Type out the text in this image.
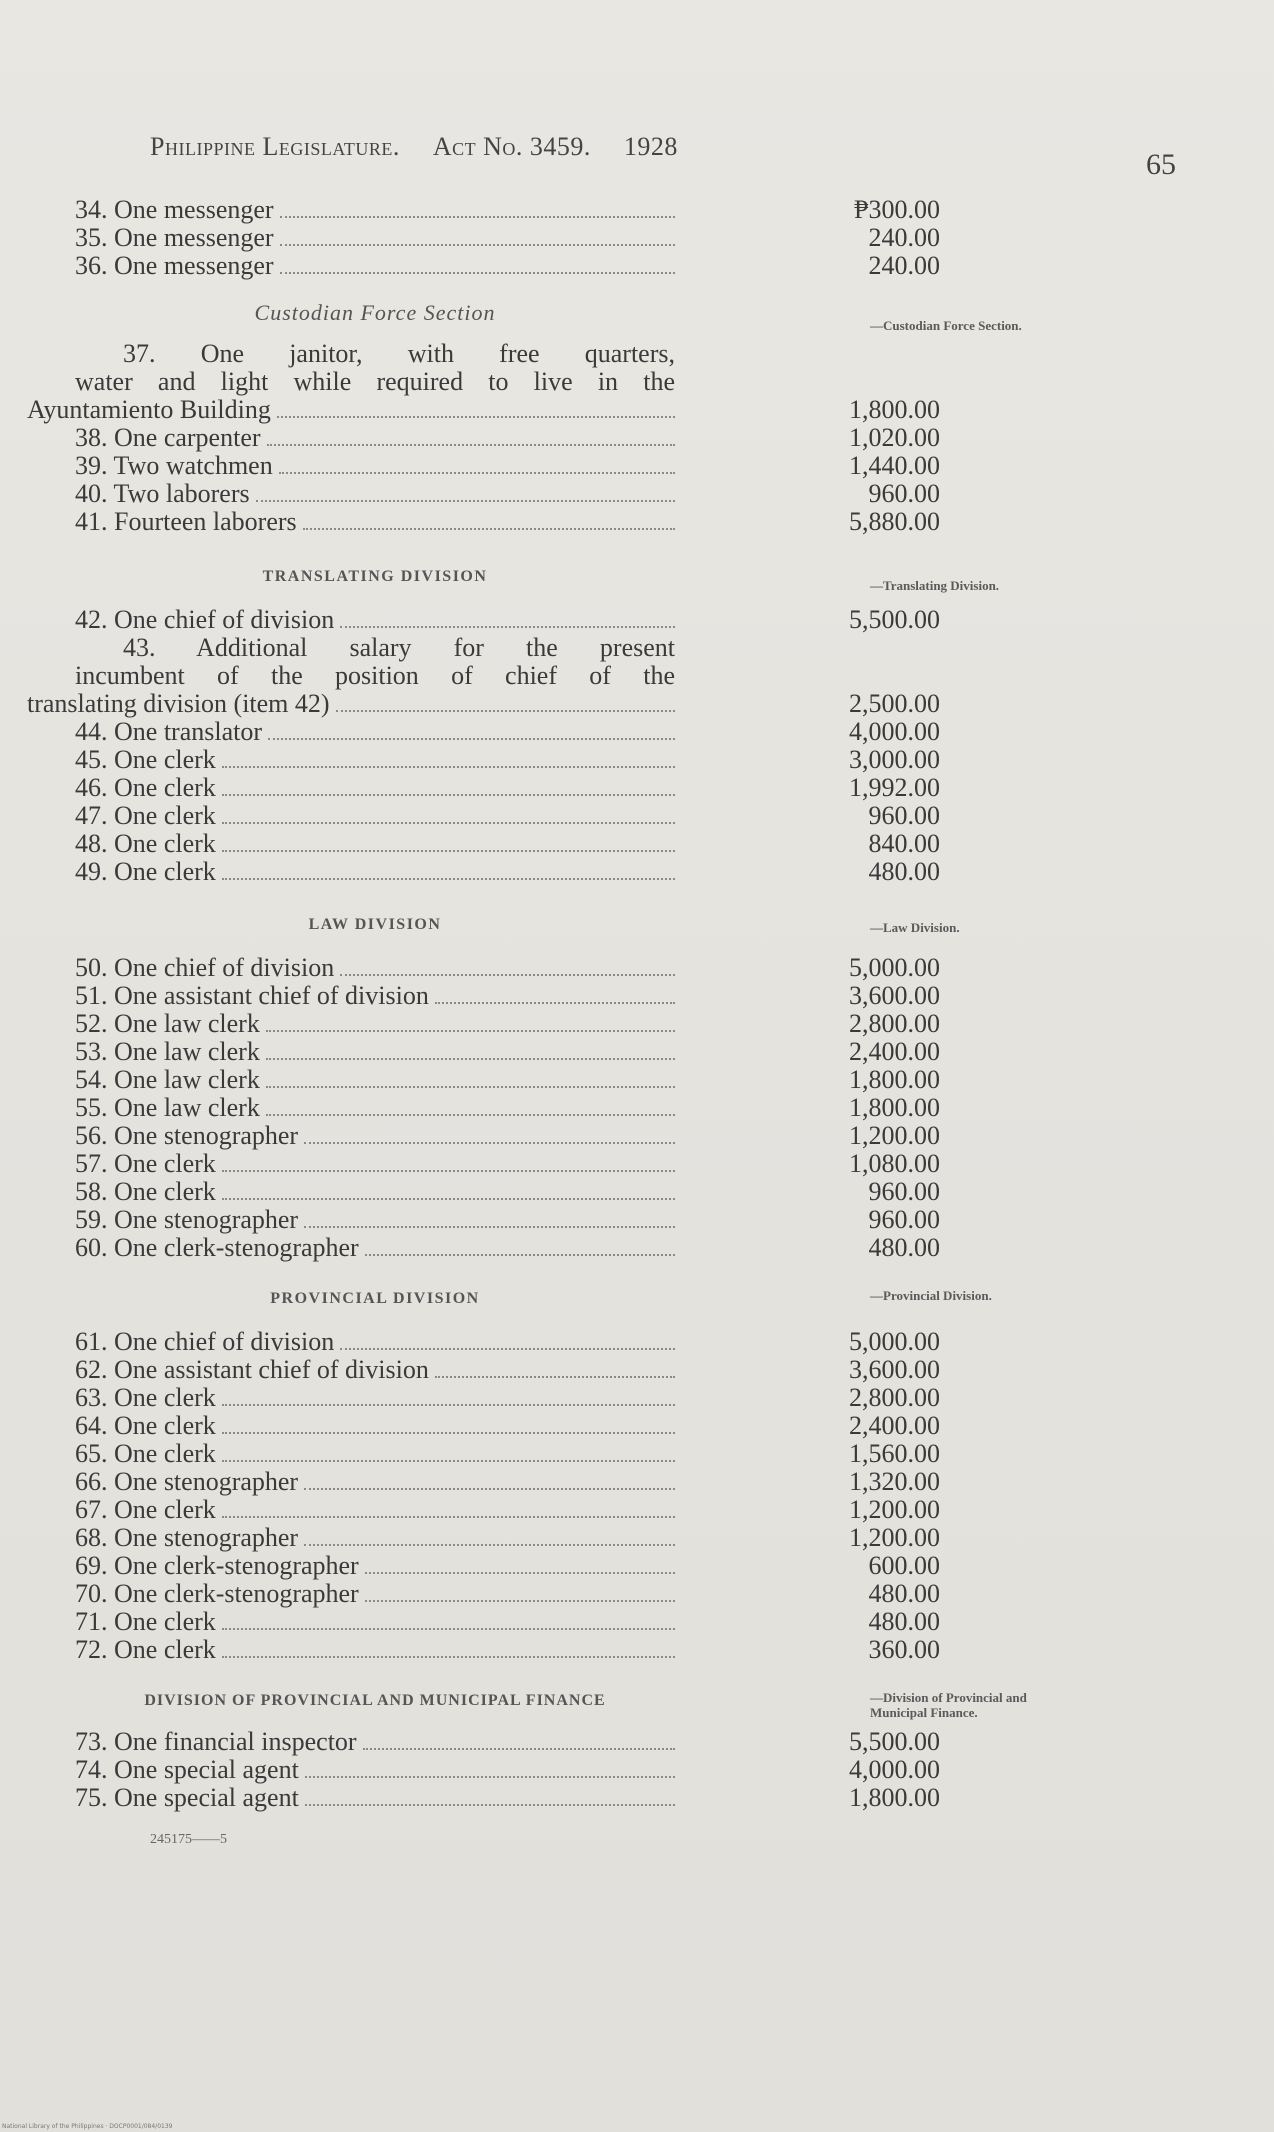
Philippine Legislature. Act No. 3459. 1928
65
34. One messenger	₱300.00
35. One messenger	240.00
36. One messenger	240.00
Custodian Force Section
—Custodian Force Section.
37. One janitor, with free quarters,
water and light while required to live in the
Ayuntamiento Building	1,800.00
38. One carpenter	1,020.00
39. Two watchmen	1,440.00
40. Two laborers	960.00
41. Fourteen laborers	5,880.00
TRANSLATING DIVISION
—Translating Division.
42. One chief of division	5,500.00
43. Additional salary for the present
incumbent of the position of chief of the
translating division (item 42)	2,500.00
44. One translator	4,000.00
45. One clerk	3,000.00
46. One clerk	1,992.00
47. One clerk	960.00
48. One clerk	840.00
49. One clerk	480.00
LAW DIVISION	—Law Division.
50. One chief of division	5,000.00
51. One assistant chief of division	3,600.00
52. One law clerk	2,800.00
53. One law clerk	2,400.00
54. One law clerk	1,800.00
55. One law clerk	1,800.00
56. One stenographer	1,200.00
57. One clerk	1,080.00
58. One clerk	960.00
59. One stenographer	960.00
60. One clerk-stenographer	480.00
PROVINCIAL DIVISION	—Provincial Division.
61. One chief of division	5,000.00
62. One assistant chief of division	3,600.00
63. One clerk	2,800.00
64. One clerk	2,400.00
65. One clerk	1,560.00
66. One stenographer	1,320.00
67. One clerk	1,200.00
68. One stenographer	1,200.00
69. One clerk-stenographer	600.00
70. One clerk-stenographer	480.00
71. One clerk	480.00
72. One clerk	360.00
DIVISION OF PROVINCIAL AND MUNICIPAL FINANCE	—Division of Provincial and Municipal Finance.
73. One financial inspector	5,500.00
74. One special agent	4,000.00
75. One special agent	1,800.00
245175——5
National Library of the Philippines · DOCP0001/084/0139
